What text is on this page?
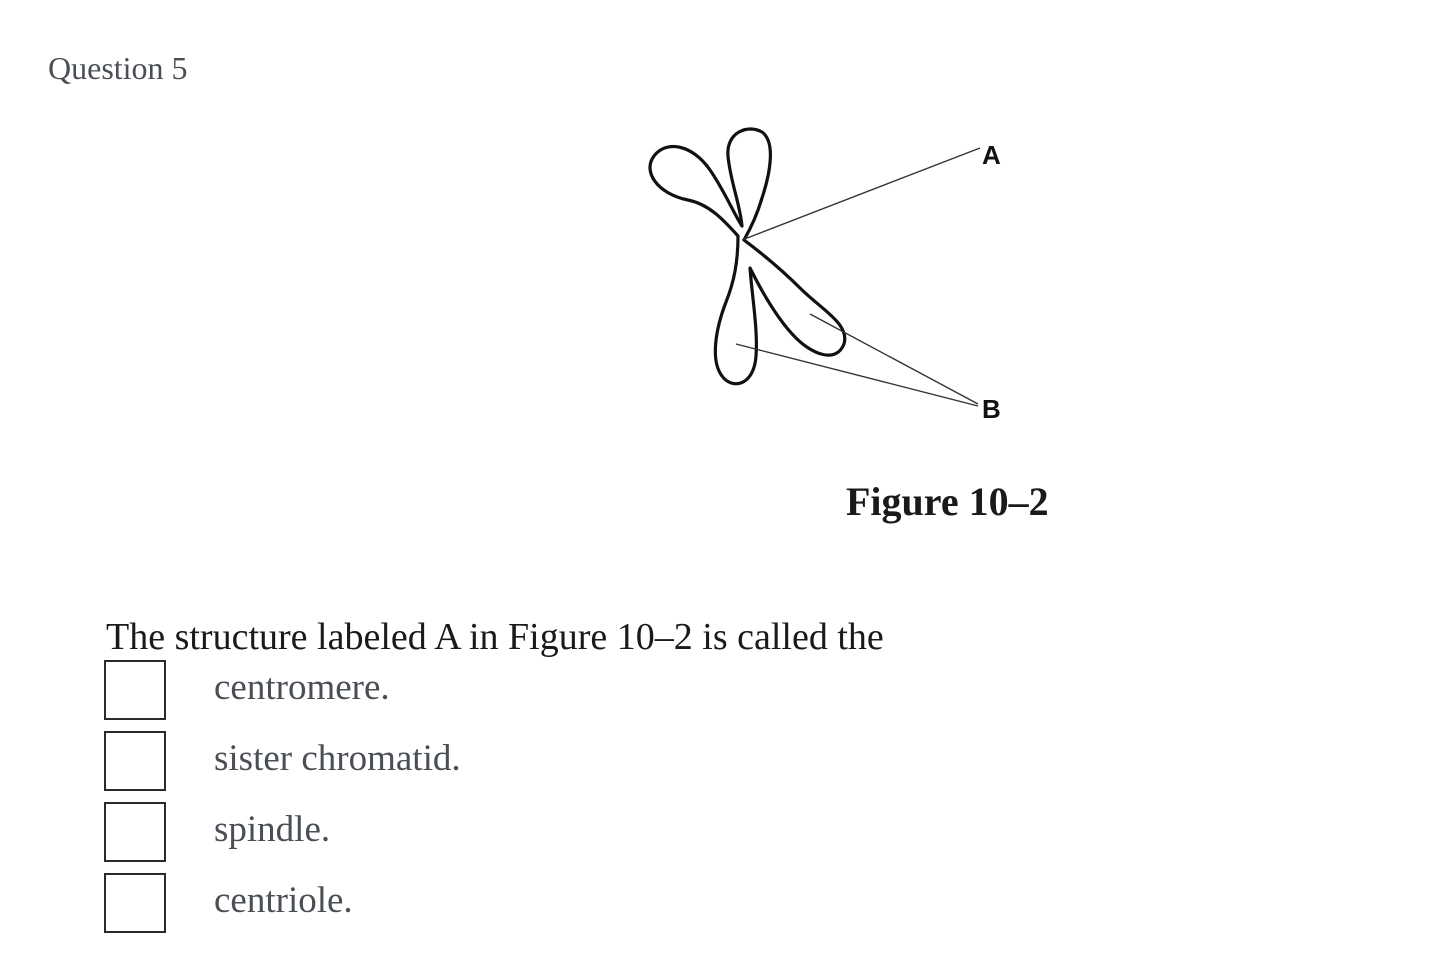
Question 5
A
B
Figure 10–2
The structure labeled A in Figure 10–2 is called the
centromere.
sister chromatid.
spindle.
centriole.
